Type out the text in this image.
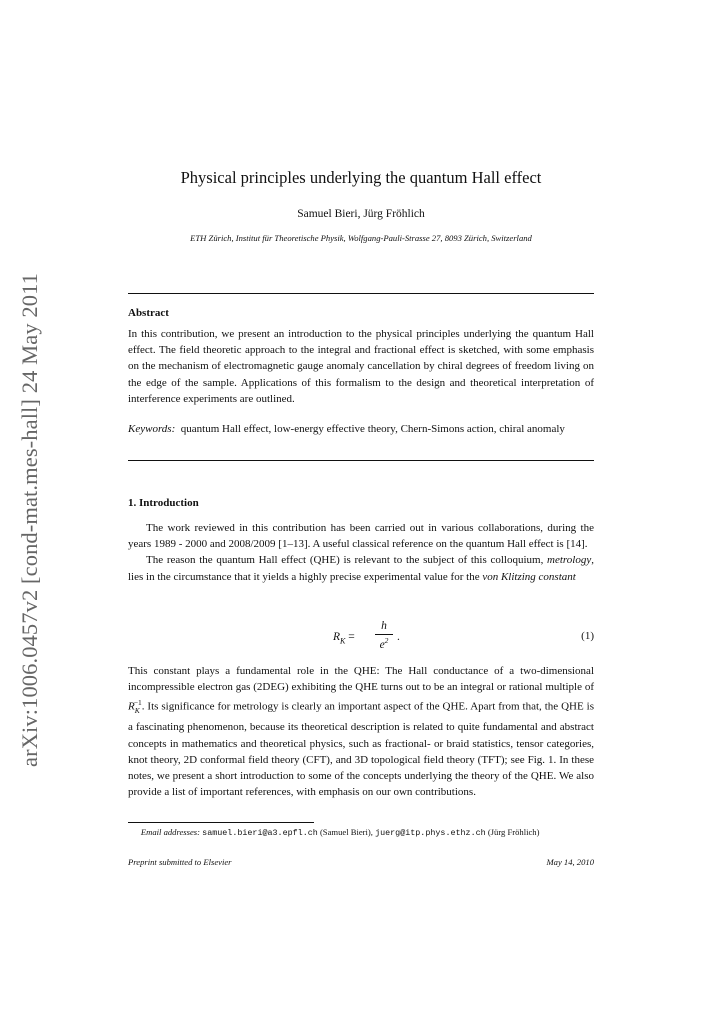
arXiv:1006.0457v2 [cond-mat.mes-hall] 24 May 2011
Physical principles underlying the quantum Hall effect
Samuel Bieri, Jürg Fröhlich
ETH Zürich, Institut für Theoretische Physik, Wolfgang-Pauli-Strasse 27, 8093 Zürich, Switzerland
Abstract
In this contribution, we present an introduction to the physical principles underlying the quantum Hall effect. The field theoretic approach to the integral and fractional effect is sketched, with some emphasis on the mechanism of electromagnetic gauge anomaly cancellation by chiral degrees of freedom living on the edge of the sample. Applications of this formalism to the design and theoretical interpretation of interference experiments are outlined.
Keywords: quantum Hall effect, low-energy effective theory, Chern-Simons action, chiral anomaly
1. Introduction

The work reviewed in this contribution has been carried out in various collaborations, during the years 1989 - 2000 and 2008/2009 [1–13]. A useful classical reference on the quantum Hall effect is [14].

The reason the quantum Hall effect (QHE) is relevant to the subject of this colloquium, metrology, lies in the circumstance that it yields a highly precise experimental value for the von Klitzing constant

$R_K$ =
h
$e^2$ .	(1)

This constant plays a fundamental role in the QHE: The Hall conductance of a two-dimensional incompressible electron gas (2DEG) exhibiting the QHE turns out to be an integral or rational multiple of $R_K^{-1}$. Its significance for metrology is clearly an important aspect of the QHE. Apart from that, the QHE is a fascinating phenomenon, because its theoretical description is related to quite fundamental and abstract concepts in mathematics and theoretical physics, such as fractional- or braid statistics, tensor categories, knot theory, 2D conformal field theory (CFT), and 3D topological field theory (TFT); see Fig. 1. In these notes, we present a short introduction to some of the concepts underlying the theory of the QHE. We also provide a list of important references, with emphasis on our own contributions.

Email addresses: samuel.bieri@a3.epfl.ch (Samuel Bieri), juerg@itp.phys.ethz.ch (Jürg Fröhlich)
Preprint submitted to Elsevier	May 14, 2010
